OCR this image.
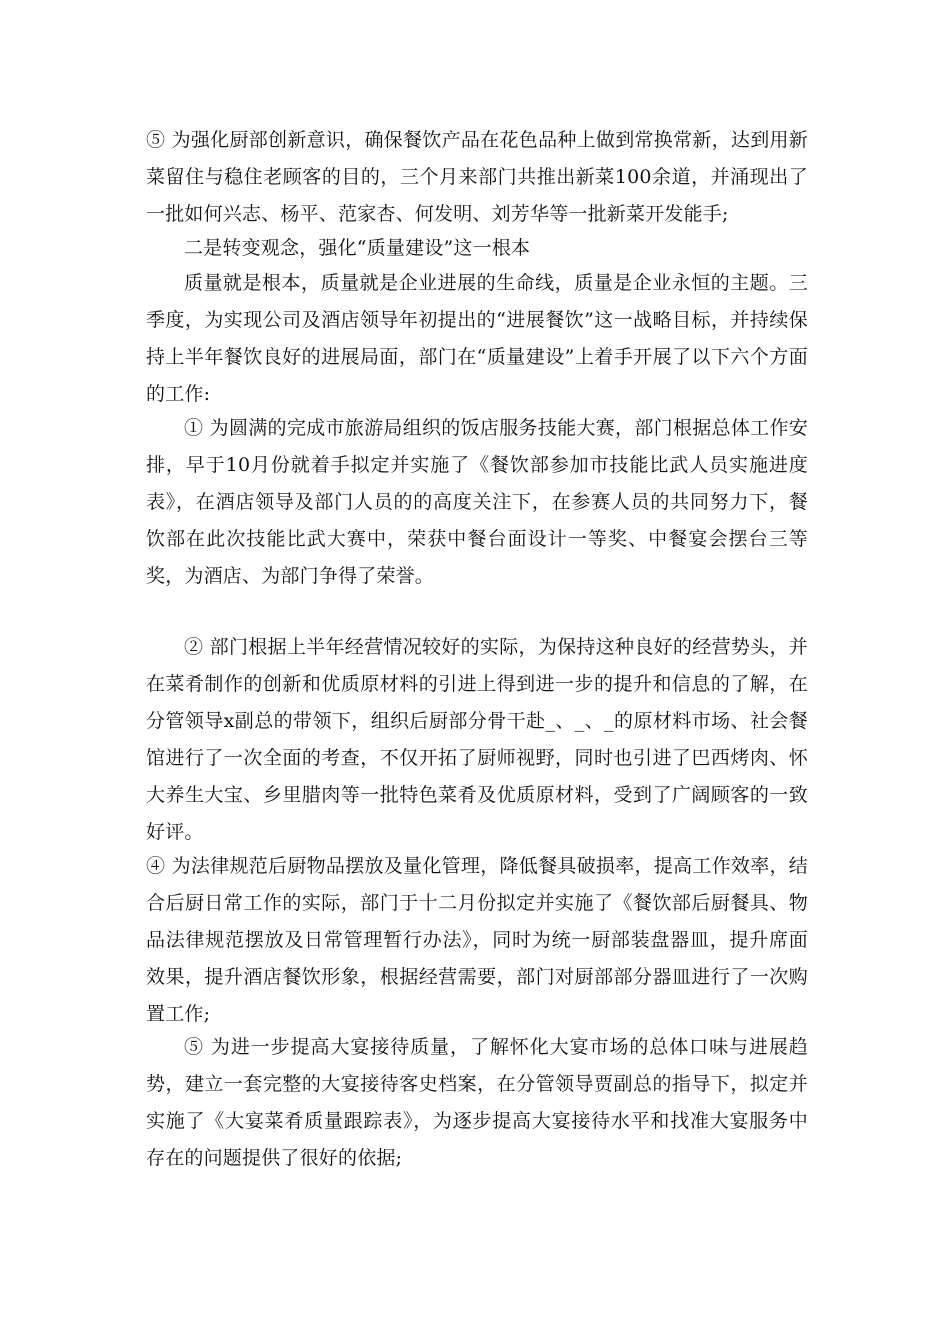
⑤ 为强化厨部创新意识，确保餐饮产品在花色品种上做到常换常新，达到用新菜留住与稳住老顾客的目的，三个月来部门共推出新菜100余道，并涌现出了一批如何兴志、杨平、范家杏、何发明、刘芳华等一批新菜开发能手;

二是转变观念，强化“质量建设”这一根本

质量就是根本，质量就是企业进展的生命线，质量是企业永恒的主题。三季度，为实现公司及酒店领导年初提出的“进展餐饮”这一战略目标，并持续保持上半年餐饮良好的进展局面，部门在“质量建设”上着手开展了以下六个方面的工作:

① 为圆满的完成市旅游局组织的饭店服务技能大赛，部门根据总体工作安排，早于10月份就着手拟定并实施了《餐饮部参加市技能比武人员实施进度表》，在酒店领导及部门人员的的高度关注下，在参赛人员的共同努力下，餐饮部在此次技能比武大赛中，荣获中餐台面设计一等奖、中餐宴会摆台三等奖，为酒店、为部门争得了荣誉。

② 部门根据上半年经营情况较好的实际，为保持这种良好的经营势头，并在菜肴制作的创新和优质原材料的引进上得到进一步的提升和信息的了解，在分管领导x副总的带领下，组织后厨部分骨干赴_、_、_的原材料市场、社会餐馆进行了一次全面的考查，不仅开拓了厨师视野，同时也引进了巴西烤肉、怀大养生大宝、乡里腊肉等一批特色菜肴及优质原材料，受到了广阔顾客的一致好评。

④ 为法律规范后厨物品摆放及量化管理，降低餐具破损率，提高工作效率，结合后厨日常工作的实际，部门于十二月份拟定并实施了《餐饮部后厨餐具、物品法律规范摆放及日常管理暂行办法》，同时为统一厨部装盘器皿，提升席面效果，提升酒店餐饮形象，根据经营需要，部门对厨部部分器皿进行了一次购置工作;

⑤ 为进一步提高大宴接待质量，了解怀化大宴市场的总体口味与进展趋势，建立一套完整的大宴接待客史档案，在分管领导贾副总的指导下，拟定并实施了《大宴菜肴质量跟踪表》，为逐步提高大宴接待水平和找准大宴服务中存在的问题提供了很好的依据;
